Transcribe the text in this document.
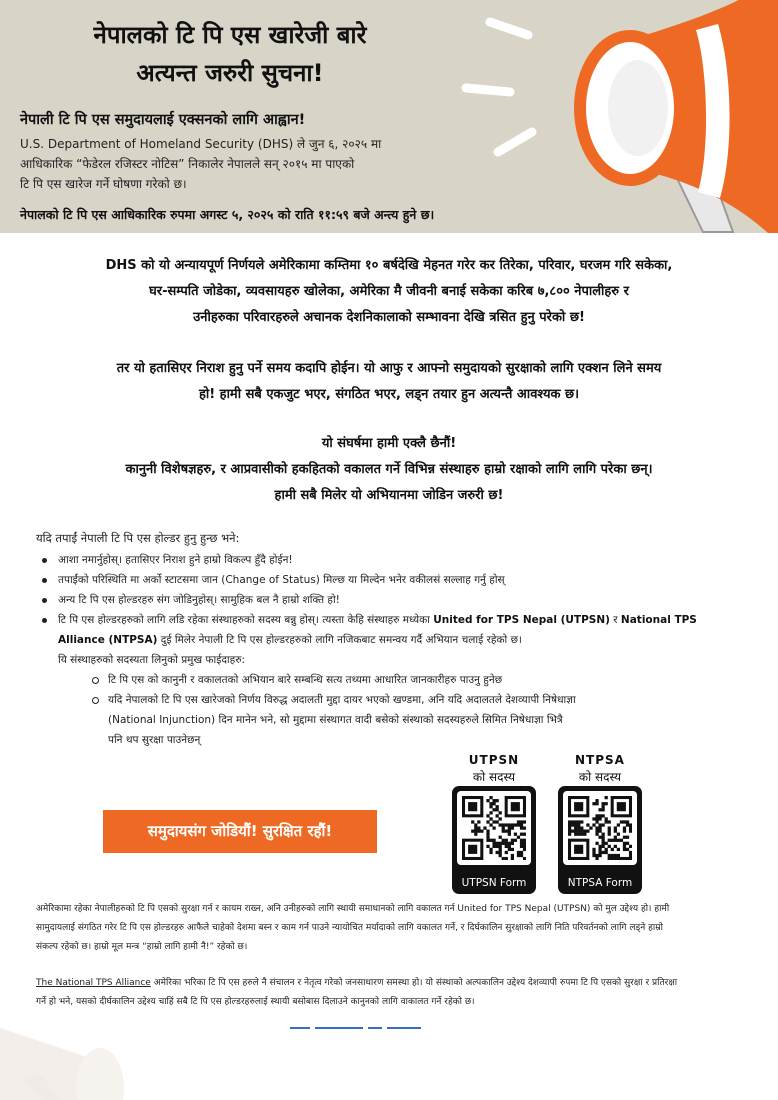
नेपालको टि पि एस खारेजी बारे
अत्यन्त जरुरी सुचना!
नेपाली टि पि एस समुदायलाई एक्सनको लागि आह्वान!
U.S. Department of Homeland Security (DHS) ले जुन ६, २०२५ मा
आधिकारिक “फेडेरल रजिस्टर नोटिस” निकालेर नेपालले सन् २०१५ मा पाएको
टि पि एस खारेज गर्ने घोषणा गरेको छ।
नेपालको टि पि एस आधिकारिक रुपमा अगस्ट ५, २०२५ को राति ११:५९ बजे अन्त्य हुने छ।
DHS को यो अन्यायपूर्ण निर्णयले अमेरिकामा कम्तिमा १० बर्षदेखि मेहनत गरेर कर तिरेका, परिवार, घरजम गरि सकेका,
घर-सम्पति जोडेका, व्यवसायहरु खोलेका, अमेरिका मै जीवनी बनाई सकेका करिब ७,८०० नेपालीहरु र
उनीहरुका परिवारहरुले अचानक देशनिकालाको सम्भावना देखि त्रसित हुनु परेको छ!
तर यो हतासिएर निराश हुनु पर्ने समय कदापि होईन। यो आफु र आफ्नो समुदायको सुरक्षाको लागि एक्शन लिने समय
हो! हामी सबै एकजुट भएर, संगठित भएर, लड्न तयार हुन अत्यन्तै आवश्यक छ।
यो संघर्षमा हामी एक्लै छैनौं!
कानुनी विशेषज्ञहरु, र आप्रवासीको हकहितको वकालत गर्ने विभिन्न संस्थाहरु हाम्रो रक्षाको लागि लागि परेका छन्।
हामी सबै मिलेर यो अभियानमा जोडिन जरुरी छ!
यदि तपाईं नेपाली टि पि एस होल्डर हुनु हुन्छ भने:
आशा नमार्नुहोस्। हतासिएर निराश हुने हाम्रो विकल्प हुँदै होईन!
तपाईंको परिस्थिति मा अर्को स्टाटसमा जान (Change of Status) मिल्छ या मिल्देन भनेर वकीलसं सल्लाह गर्नु होस्
अन्य टि पि एस होल्डरहरु संग जोडिनुहोस्। सामुहिक बल नै हाम्रो शक्ति हो!
टि पि एस होल्डरहरुको लागि लडि रहेका संस्थाहरुको सदस्य बन्नु होस्। त्यस्ता केहि संस्थाहरु मध्येका United for TPS Nepal (UTPSN) र National TPS Alliance (NTPSA) दुई मिलेर नेपाली टि पि एस होल्डरहरुको लागि नजिकबाट समन्वय गर्दै अभियान चलाई रहेको छ।
यि संस्थाहरुको सदस्यता लिनुको प्रमुख फाईदाहरु:
टि पि एस को कानुनी र वकालतको अभियान बारे सम्बन्धि सत्य तथ्यमा आधारित जानकारीहरु पाउनु हुनेछ
यदि नेपालको टि पि एस खारेजको निर्णय विरुद्ध अदालती मुद्दा दायर भएको खण्डमा, अनि यदि अदालतले देशव्यापी निषेधाज्ञा
(National Injunction) दिन मानेन भने, सो मुद्दामा संस्थागत वादी बसेको संस्थाको सदस्यहरुले सिमित निषेधाज्ञा भित्रै
पनि थप सुरक्षा पाउनेछन्
UTPSN
को सदस्य
NTPSA
को सदस्य
UTPSN Form	NTPSA Form
समुदायसंग जोडियौं! सुरक्षित रहौं!
अमेरिकामा रहेका नेपालीहरुको टि पि एसको सुरक्षा गर्न र कायम राख्न, अनि उनीहरुको लागि स्थायी समाधानको लागि वकालत गर्न United for TPS Nepal (UTPSN) को मुल उद्देश्य हो। हामी
सामुदायलाई संगठित गरेर टि पि एस होल्डरहरु आफैले चाहेको देशमा बस्न र काम गर्न पाउने न्यायोचित मर्यादाको लागि वकालत गर्ने, र दिर्घकालिन सुरक्षाको लागि निति परिवर्तनको लागि लड्ने हाम्रो
संकल्प रहेको छ। हाम्रो मूल मन्त्र “हाम्रो लागि हामी नै!” रहेको छ।
The National TPS Alliance अमेरिका भरिका टि पि एस हरुले नै संचालन र नेतृत्व गरेको जनसाधारण समस्था हो। यो संस्थाको अल्पकालिन उद्देश्य देशव्यापी रुपमा टि पि एसको सुरक्षा र प्रतिरक्षा
गर्ने हो भने, यसको दीर्घकालिन उद्देश्य चाहिं सबै टि पि एस होल्डरहरुलाई स्थायी बसोबास दिलाउने कानुनको लागि वाकालत गर्ने रहेको छ।
